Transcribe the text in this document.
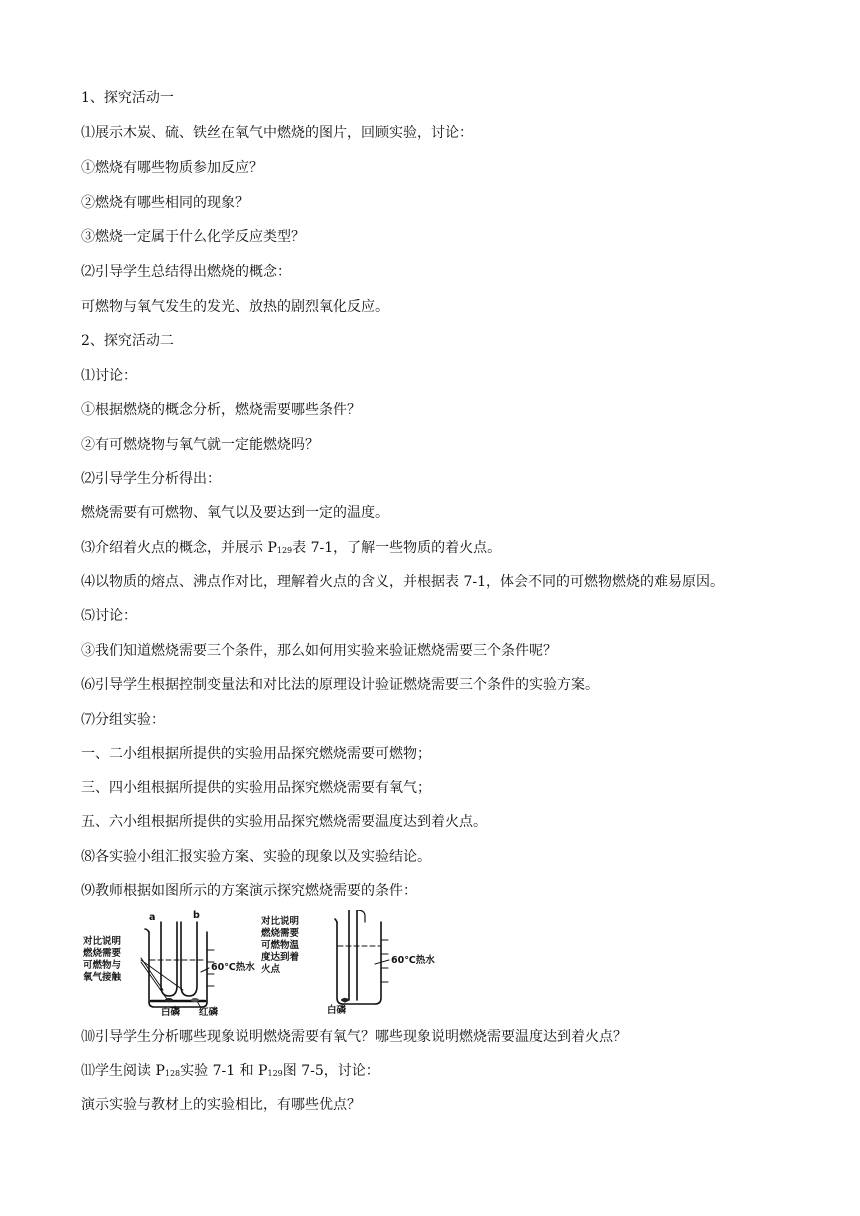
1、探究活动一
⑴展示木炭、硫、铁丝在氧气中燃烧的图片，回顾实验，讨论：
①燃烧有哪些物质参加反应？
②燃烧有哪些相同的现象？
③燃烧一定属于什么化学反应类型？
⑵引导学生总结得出燃烧的概念：
可燃物与氧气发生的发光、放热的剧烈氧化反应。
2、探究活动二
⑴讨论：
①根据燃烧的概念分析，燃烧需要哪些条件？
②有可燃烧物与氧气就一定能燃烧吗？
⑵引导学生分析得出：
燃烧需要有可燃物、氧气以及要达到一定的温度。
⑶介绍着火点的概念，并展示 $P_{129}$表 7-1，了解一些物质的着火点。
⑷以物质的熔点、沸点作对比，理解着火点的含义，并根据表 7-1，体会不同的可燃物燃烧的难易原因。
⑸讨论：
③我们知道燃烧需要三个条件，那么如何用实验来验证燃烧需要三个条件呢？
⑹引导学生根据控制变量法和对比法的原理设计验证燃烧需要三个条件的实验方案。
⑺分组实验：
一、二小组根据所提供的实验用品探究燃烧需要可燃物；
三、四小组根据所提供的实验用品探究燃烧需要有氧气；
五、六小组根据所提供的实验用品探究燃烧需要温度达到着火点。
⑻各实验小组汇报实验方案、实验的现象以及实验结论。
⑼教师根据如图所示的方案演示探究燃烧需要的条件：
a	b
对比说明
燃烧需要
可燃物与
氧气接触
60℃热水
白磷 红磷
对比说明
燃烧需要
可燃物温
度达到着
火点
60℃热水
白磷
⑽引导学生分析哪些现象说明燃烧需要有氧气？哪些现象说明燃烧需要温度达到着火点？
⑾学生阅读 $P_{128}$实验 7-1 和 $P_{129}$图 7-5，讨论：
演示实验与教材上的实验相比，有哪些优点？
